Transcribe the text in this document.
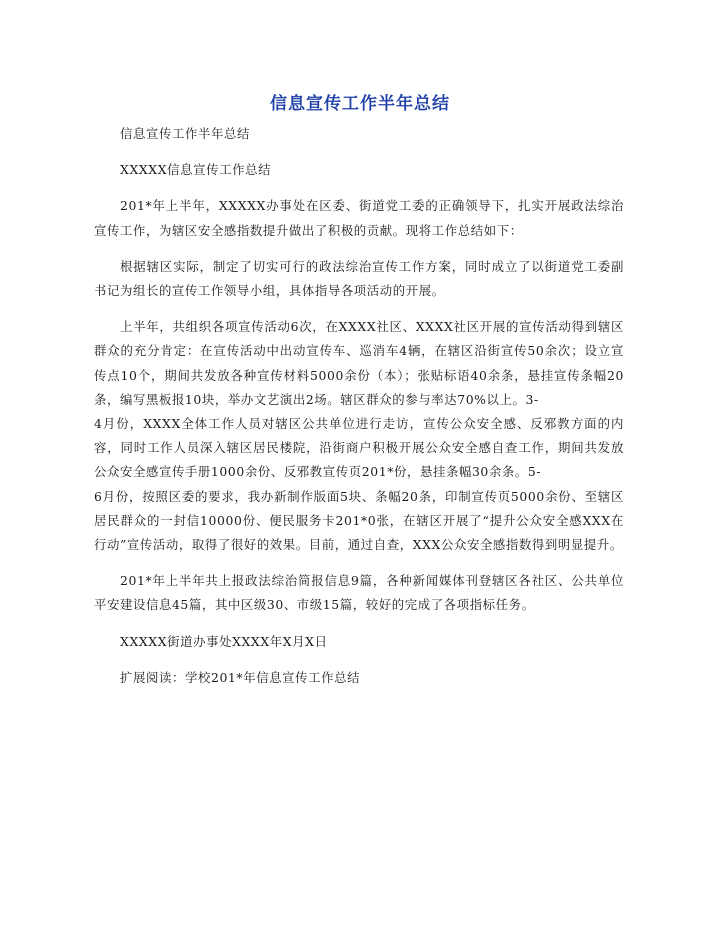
信息宣传工作半年总结

信息宣传工作半年总结

XXXXX信息宣传工作总结

201*年上半年，XXXXX办事处在区委、街道党工委的正确领导下，扎实开展政法综治宣传工作，为辖区安全感指数提升做出了积极的贡献。现将工作总结如下：

根据辖区实际，制定了切实可行的政法综治宣传工作方案，同时成立了以街道党工委副书记为组长的宣传工作领导小组，具体指导各项活动的开展。

上半年，共组织各项宣传活动6次，在XXXX社区、XXXX社区开展的宣传活动得到辖区群众的充分肯定：在宣传活动中出动宣传车、巡消车4辆，在辖区沿街宣传50余次；设立宣传点10个，期间共发放各种宣传材料5000余份（本）；张贴标语40余条，悬挂宣传条幅20条，编写黑板报10块，举办文艺演出2场。辖区群众的参与率达70%以上。3-

4月份，XXXX全体工作人员对辖区公共单位进行走访，宣传公众安全感、反邪教方面的内容，同时工作人员深入辖区居民楼院，沿街商户积极开展公众安全感自查工作，期间共发放公众安全感宣传手册1000余份、反邪教宣传页201*份，悬挂条幅30余条。5-

6月份，按照区委的要求，我办新制作版面5块、条幅20条，印制宣传页5000余份、至辖区居民群众的一封信10000份、便民服务卡201*0张，在辖区开展了“提升公众安全感XXX在行动”宣传活动，取得了很好的效果。目前，通过自查，XXX公众安全感指数得到明显提升。

201*年上半年共上报政法综治简报信息9篇，各种新闻媒体刊登辖区各社区、公共单位平安建设信息45篇，其中区级30、市级15篇，较好的完成了各项指标任务。

XXXXX街道办事处XXXX年X月X日

扩展阅读：学校201*年信息宣传工作总结
